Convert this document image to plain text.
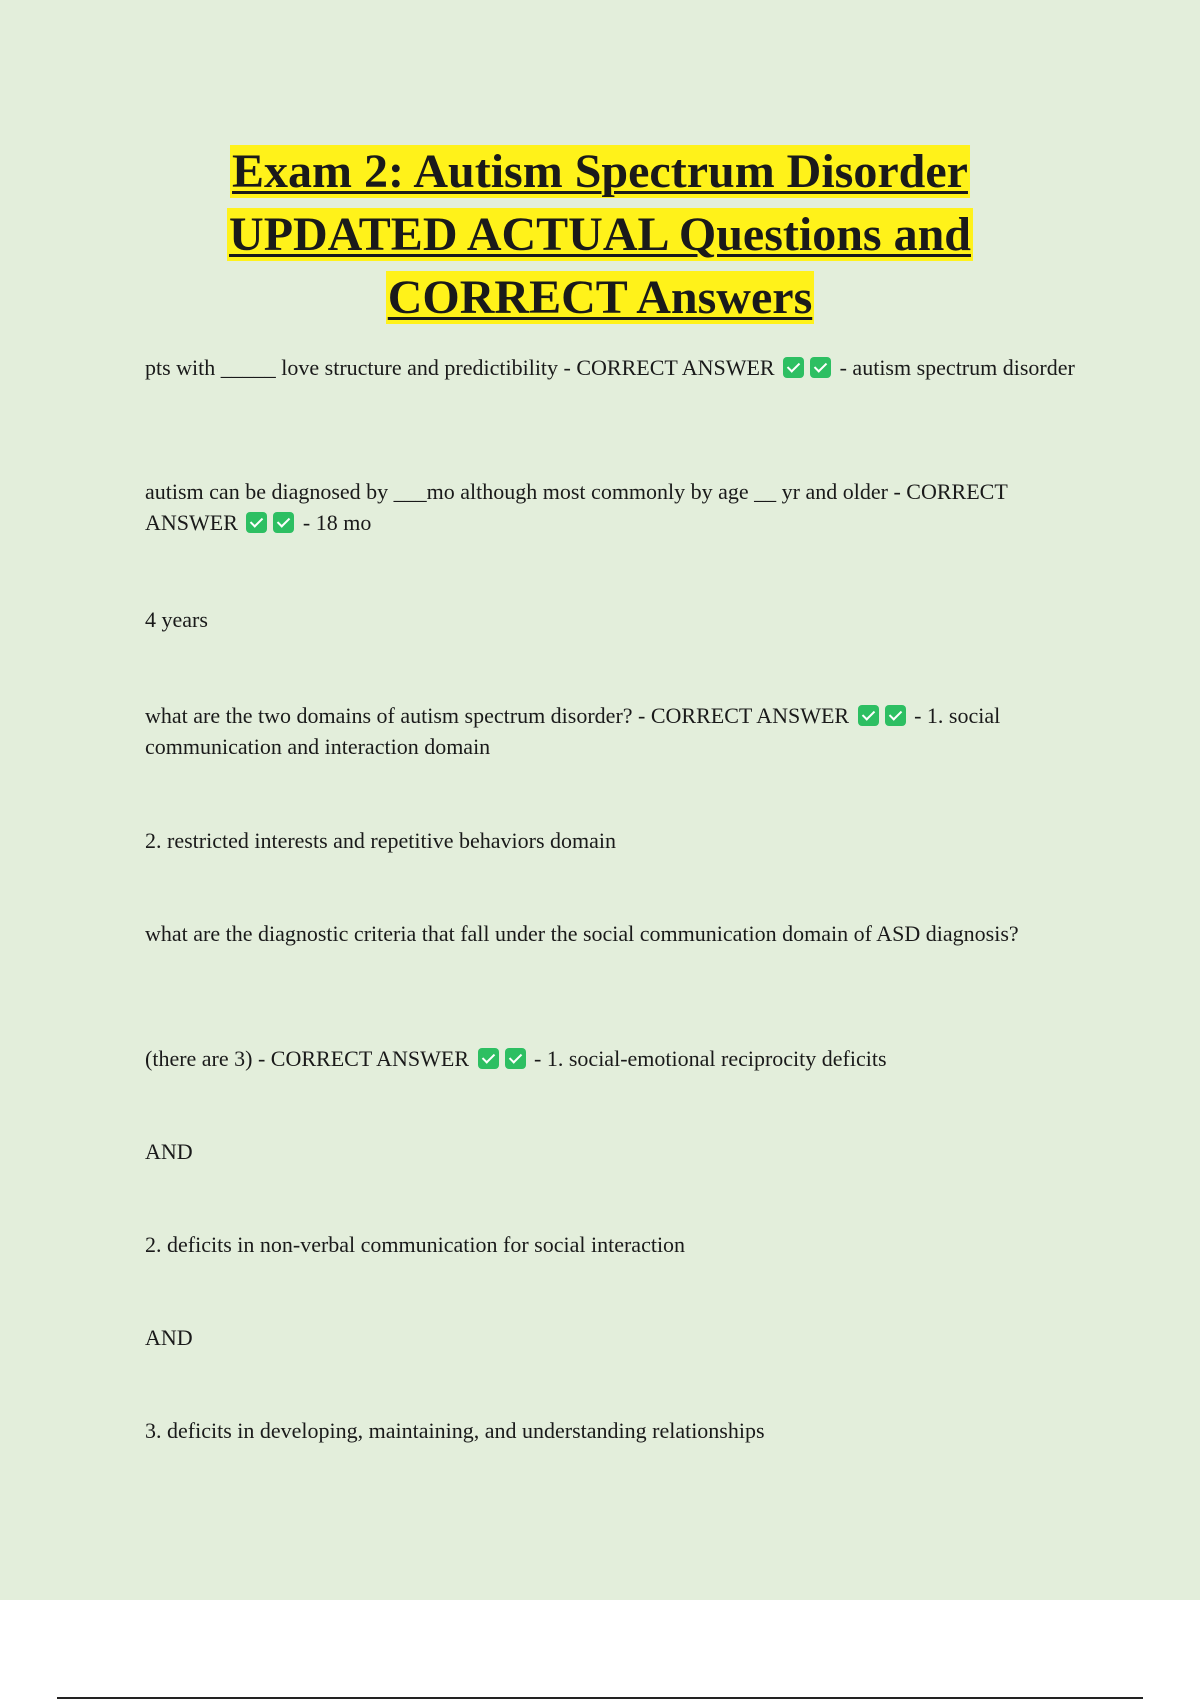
Exam 2: Autism Spectrum Disorder
UPDATED ACTUAL Questions and
CORRECT Answers

pts with _____ love structure and predictibility - CORRECT ANSWER	- autism spectrum disorder

autism can be diagnosed by ___mo although most commonly by age __ yr and older - CORRECT ANSWER	- 18 mo

4 years

what are the two domains of autism spectrum disorder? - CORRECT ANSWER	- 1. social communication and interaction domain

2. restricted interests and repetitive behaviors domain

what are the diagnostic criteria that fall under the social communication domain of ASD diagnosis?

(there are 3) - CORRECT ANSWER	- 1. social-emotional reciprocity deficits

AND

2. deficits in non-verbal communication for social interaction

AND

3. deficits in developing, maintaining, and understanding relationships
